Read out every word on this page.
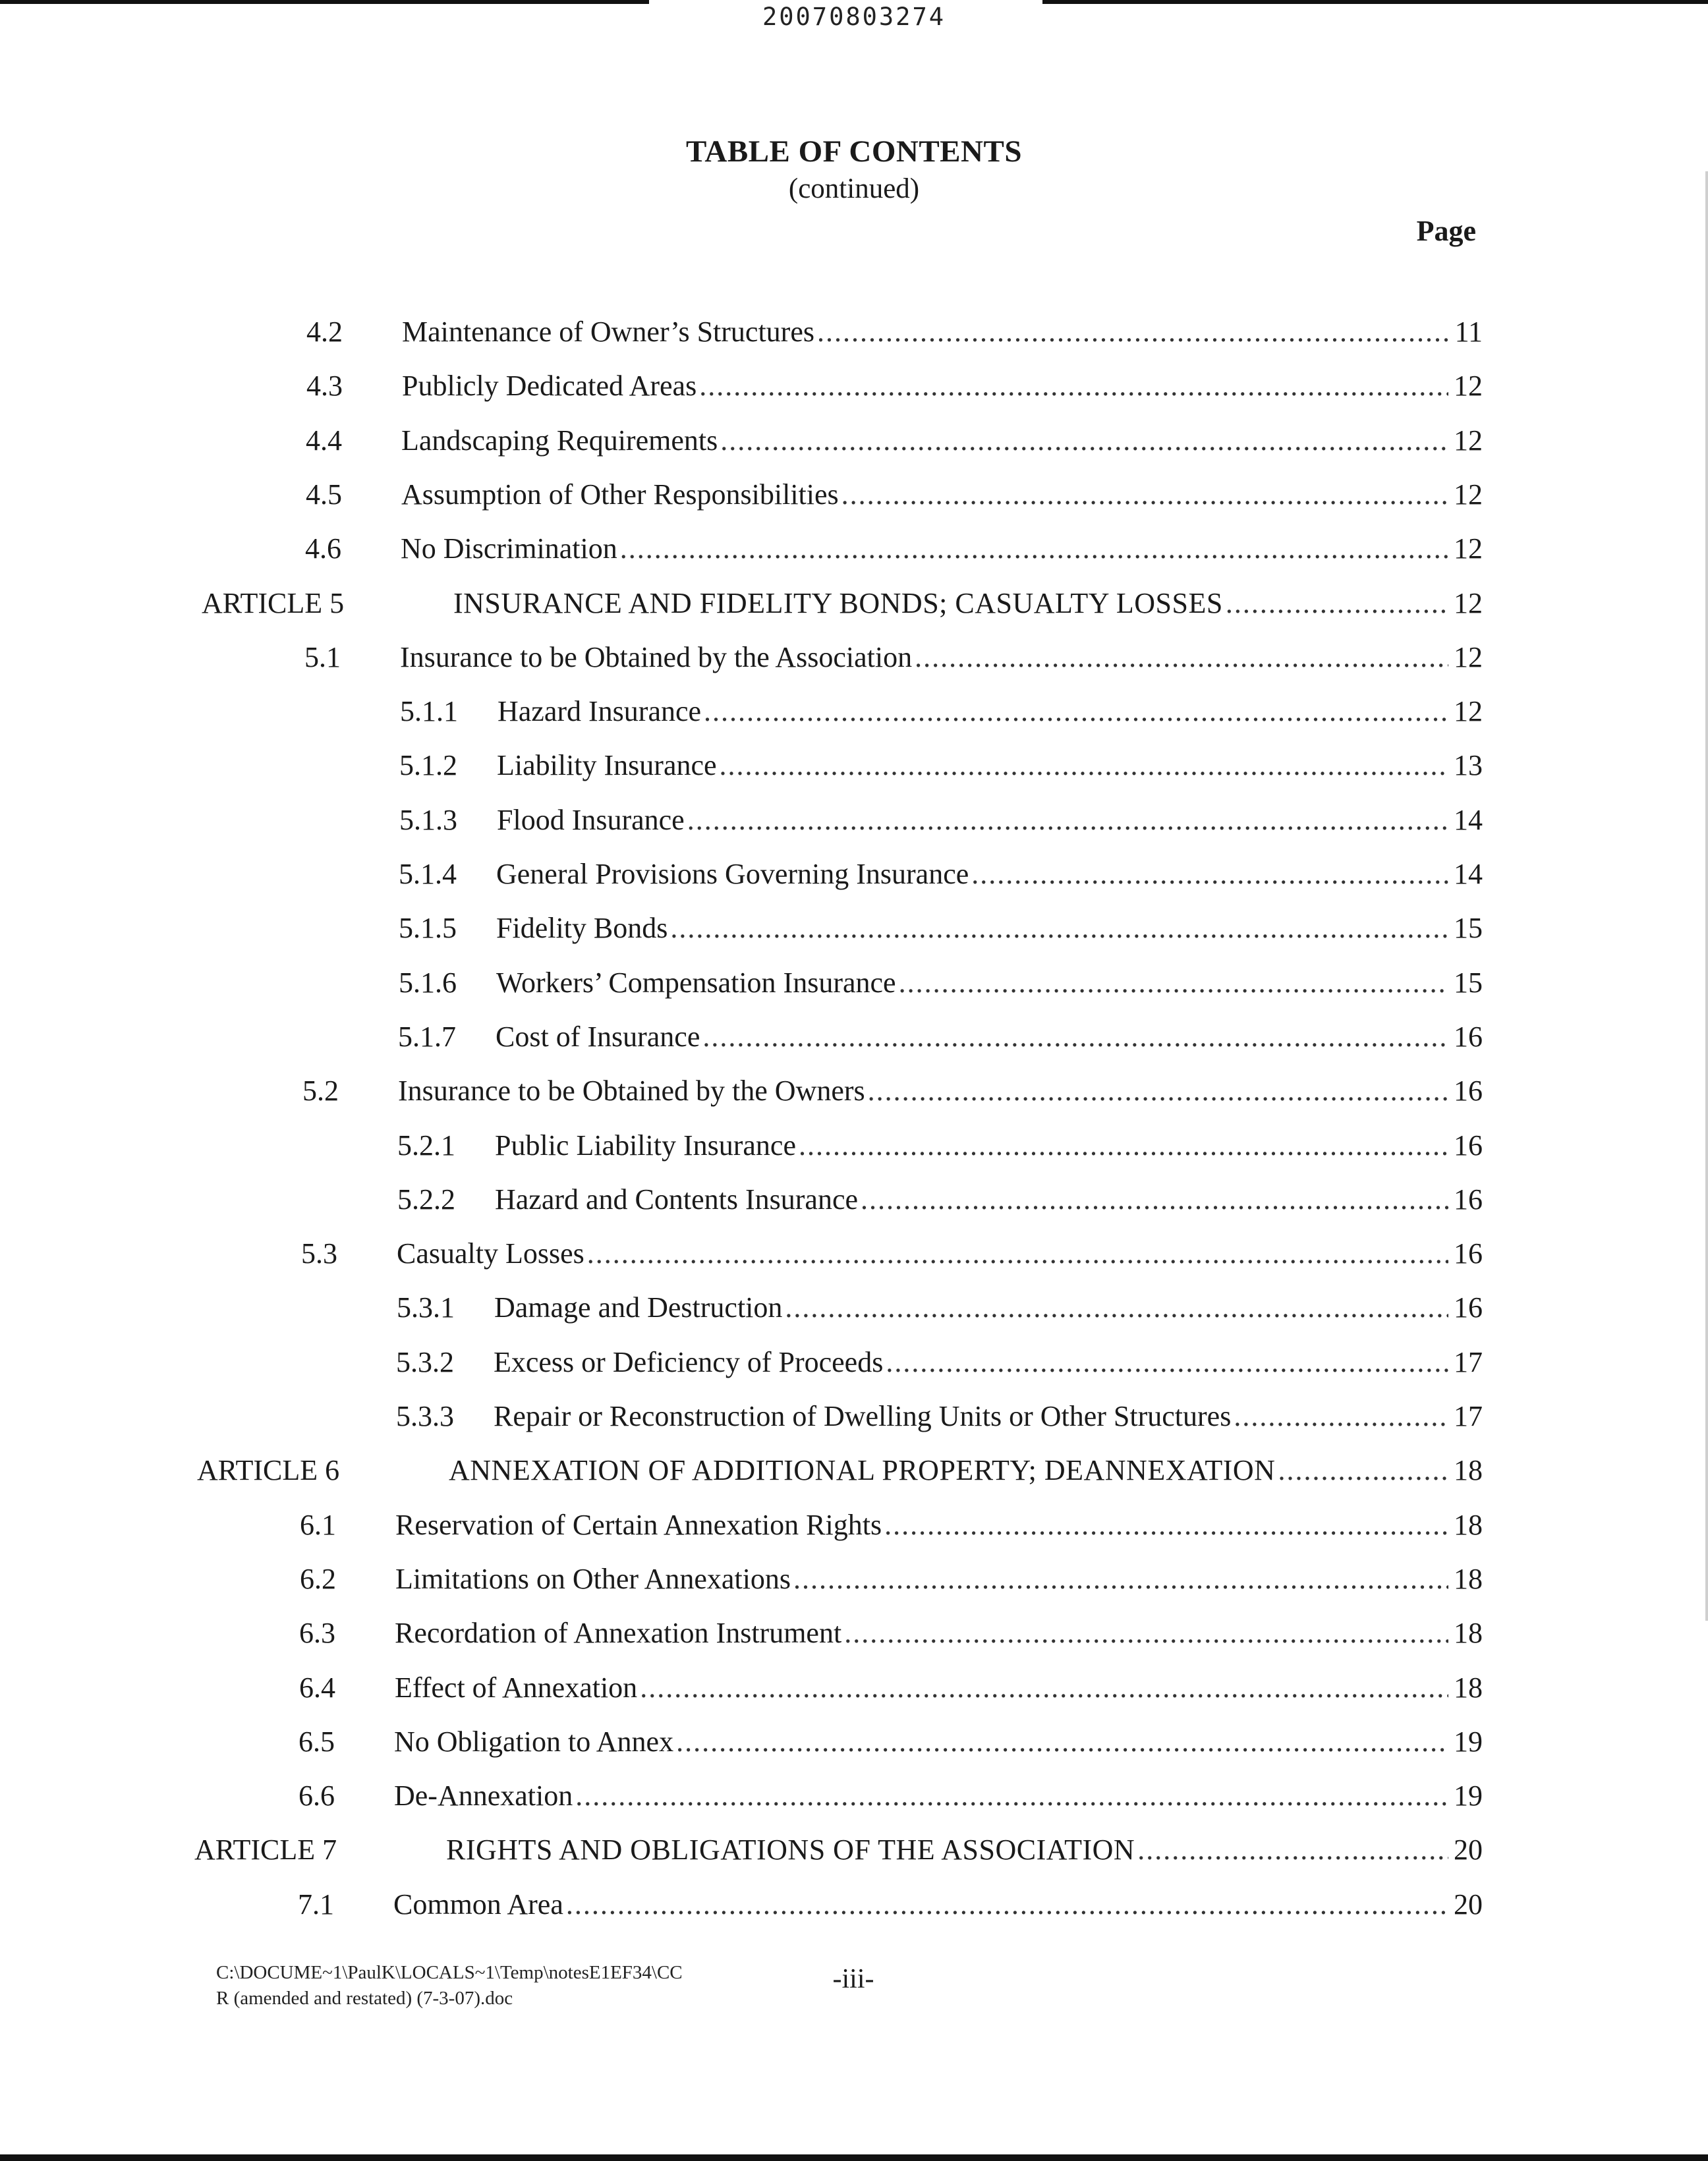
20070803274
TABLE OF CONTENTS
(continued)
Page
4.2 Maintenance of Owner’s Structures .....	11
4.3 Publicly Dedicated Areas .....	12
4.4 Landscaping Requirements .....	12
4.5 Assumption of Other Responsibilities .....	12
4.6 No Discrimination .....	12
ARTICLE 5	INSURANCE AND FIDELITY BONDS; CASUALTY LOSSES .....	12
5.1 Insurance to be Obtained by the Association .....	12
5.1.1 Hazard Insurance .....	12
5.1.2 Liability Insurance .....	13
5.1.3 Flood Insurance .....	14
5.1.4 General Provisions Governing Insurance .....	14
5.1.5 Fidelity Bonds .....	15
5.1.6 Workers’ Compensation Insurance .....	15
5.1.7 Cost of Insurance .....	16
5.2 Insurance to be Obtained by the Owners .....	16
5.2.1 Public Liability Insurance .....	16
5.2.2 Hazard and Contents Insurance .....	16
5.3 Casualty Losses .....	16
5.3.1 Damage and Destruction .....	16
5.3.2 Excess or Deficiency of Proceeds .....	17
5.3.3 Repair or Reconstruction of Dwelling Units or Other Structures .....	17
ARTICLE 6	ANNEXATION OF ADDITIONAL PROPERTY; DEANNEXATION .....	18
6.1 Reservation of Certain Annexation Rights .....	18
6.2 Limitations on Other Annexations .....	18
6.3 Recordation of Annexation Instrument .....	18
6.4 Effect of Annexation .....	18
6.5 No Obligation to Annex .....	19
6.6 De-Annexation .....	19
ARTICLE 7	RIGHTS AND OBLIGATIONS OF THE ASSOCIATION .....	20
7.1 Common Area .....	20
C:\DOCUME~1\PaulK\LOCALS~1\Temp\notesE1EF34\CC
R (amended and restated) (7-3-07).doc
-iii-
